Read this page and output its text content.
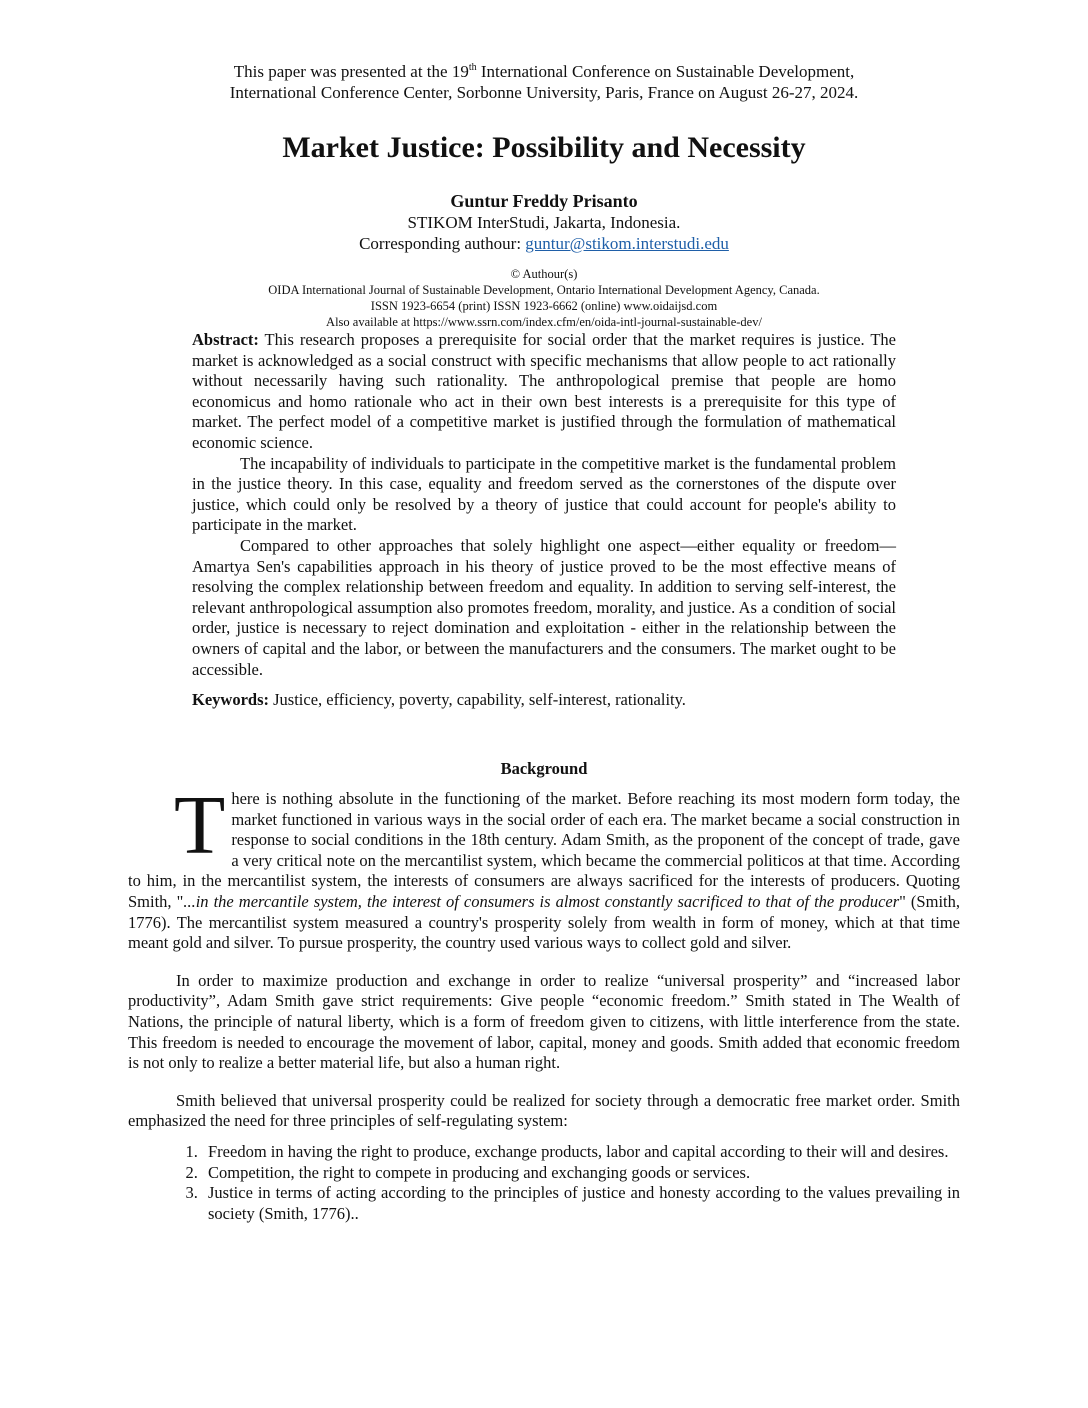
This paper was presented at the 19th International Conference on Sustainable Development,
International Conference Center, Sorbonne University, Paris, France on August 26-27, 2024.
Market Justice: Possibility and Necessity
Guntur Freddy Prisanto
STIKOM InterStudi, Jakarta, Indonesia.
Corresponding authour: guntur@stikom.interstudi.edu
© Authour(s)
OIDA International Journal of Sustainable Development, Ontario International Development Agency, Canada.
ISSN 1923-6654 (print) ISSN 1923-6662 (online) www.oidaijsd.com
Also available at https://www.ssrn.com/index.cfm/en/oida-intl-journal-sustainable-dev/

Abstract: This research proposes a prerequisite for social order that the market requires is justice. The market is acknowledged as a social construct with specific mechanisms that allow people to act rationally without necessarily having such rationality. The anthropological premise that people are homo economicus and homo rationale who act in their own best interests is a prerequisite for this type of market. The perfect model of a competitive market is justified through the formulation of mathematical economic science.

The incapability of individuals to participate in the competitive market is the fundamental problem in the justice theory. In this case, equality and freedom served as the cornerstones of the dispute over justice, which could only be resolved by a theory of justice that could account for people's ability to participate in the market.

Compared to other approaches that solely highlight one aspect—either equality or freedom—Amartya Sen's capabilities approach in his theory of justice proved to be the most effective means of resolving the complex relationship between freedom and equality. In addition to serving self-interest, the relevant anthropological assumption also promotes freedom, morality, and justice. As a condition of social order, justice is necessary to reject domination and exploitation - either in the relationship between the owners of capital and the labor, or between the manufacturers and the consumers. The market ought to be accessible.

Keywords: Justice, efficiency, poverty, capability, self-interest, rationality.

Background

There is nothing absolute in the functioning of the market. Before reaching its most modern form today, the market functioned in various ways in the social order of each era. The market became a social construction in response to social conditions in the 18th century. Adam Smith, as the proponent of the concept of trade, gave a very critical note on the mercantilist system, which became the commercial politicos at that time. According to him, in the mercantilist system, the interests of consumers are always sacrificed for the interests of producers. Quoting Smith, "...in the mercantile system, the interest of consumers is almost constantly sacrificed to that of the producer" (Smith, 1776). The mercantilist system measured a country's prosperity solely from wealth in form of money, which at that time meant gold and silver. To pursue prosperity, the country used various ways to collect gold and silver.

In order to maximize production and exchange in order to realize “universal prosperity” and “increased labor productivity”, Adam Smith gave strict requirements: Give people “economic freedom.” Smith stated in The Wealth of Nations, the principle of natural liberty, which is a form of freedom given to citizens, with little interference from the state. This freedom is needed to encourage the movement of labor, capital, money and goods. Smith added that economic freedom is not only to realize a better material life, but also a human right.

Smith believed that universal prosperity could be realized for society through a democratic free market order. Smith emphasized the need for three principles of self-regulating system:

1. Freedom in having the right to produce, exchange products, labor and capital according to their will and desires.
2. Competition, the right to compete in producing and exchanging goods or services.
3. Justice in terms of acting according to the principles of justice and honesty according to the values prevailing in society (Smith, 1776)..
